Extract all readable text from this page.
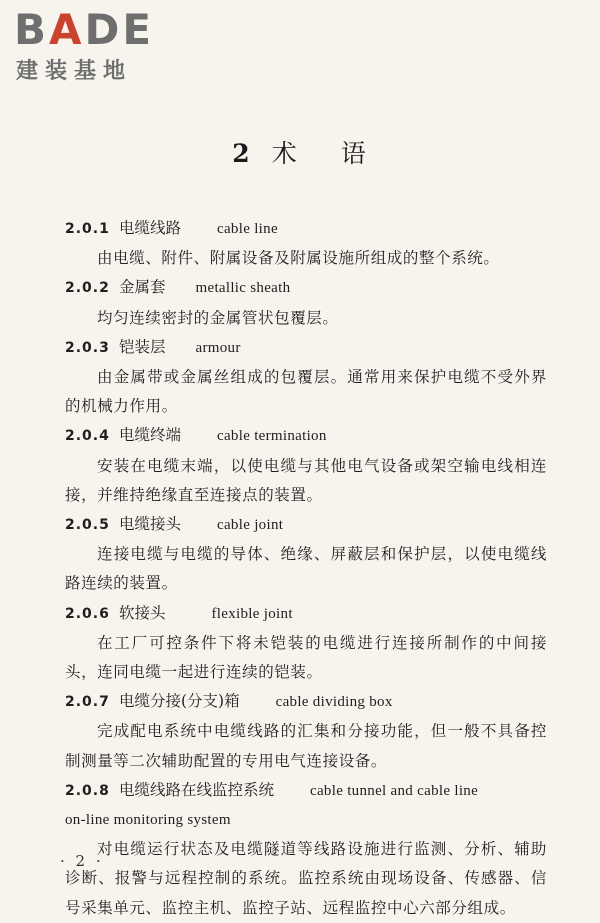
BADE
建装基地
2 术 语
2.0.1 电缆线路 cable line
由电缆、附件、附属设备及附属设施所组成的整个系统。
2.0.2 金属套 metallic sheath
均匀连续密封的金属管状包覆层。
2.0.3 铠装层 armour
由金属带或金属丝组成的包覆层。通常用来保护电缆不受外界的机械力作用。
2.0.4 电缆终端 cable termination
安装在电缆末端，以使电缆与其他电气设备或架空输电线相连接，并维持绝缘直至连接点的装置。
2.0.5 电缆接头 cable joint
连接电缆与电缆的导体、绝缘、屏蔽层和保护层，以使电缆线路连续的装置。
2.0.6 软接头	flexible joint
在工厂可控条件下将未铠装的电缆进行连接所制作的中间接头，连同电缆一起进行连续的铠装。
2.0.7 电缆分接(分支)箱 cable dividing box
完成配电系统中电缆线路的汇集和分接功能，但一般不具备控制测量等二次辅助配置的专用电气连接设备。
2.0.8 电缆线路在线监控系统 cable tunnel and cable line
on-line monitoring system
对电缆运行状态及电缆隧道等线路设施进行监测、分析、辅助诊断、报警与远程控制的系统。监控系统由现场设备、传感器、信号采集单元、监控主机、监控子站、远程监控中心六部分组成。
· 2 ·
